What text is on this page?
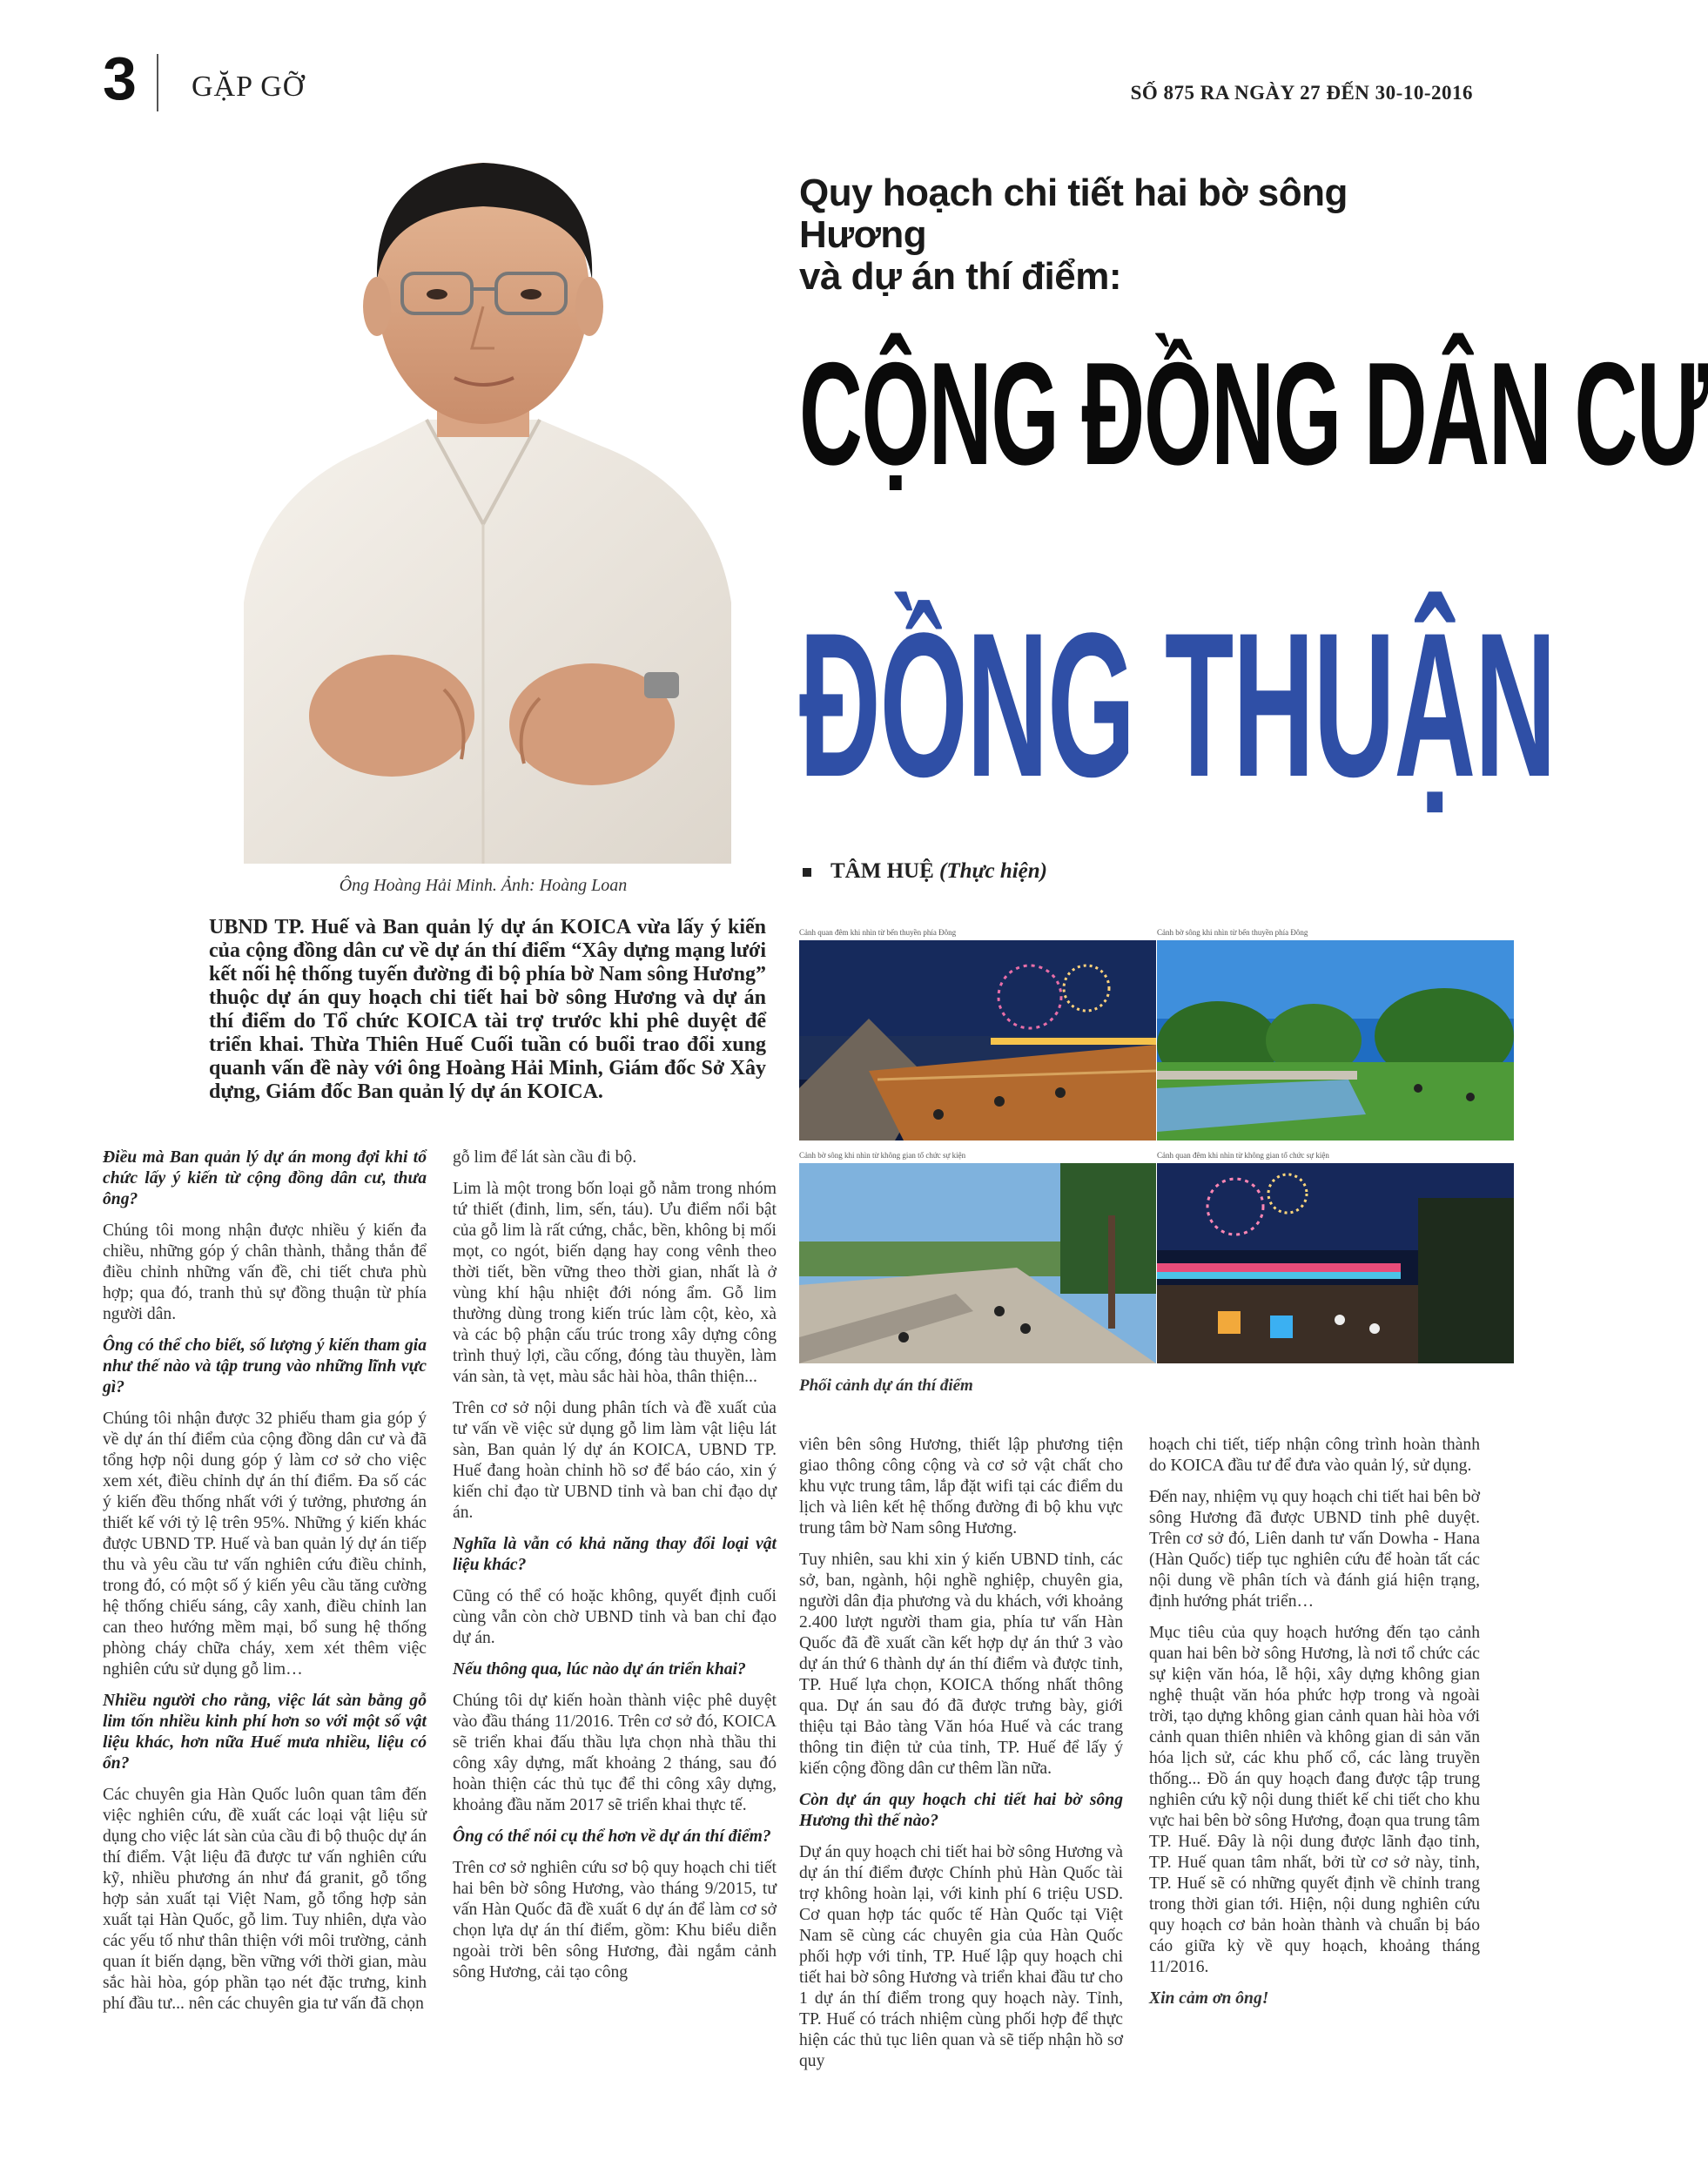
3 GẶP GỠ	SỐ 875 RA NGÀY 27 ĐẾN 30-10-2016
Ông Hoàng Hải Minh. Ảnh: Hoàng Loan
Quy hoạch chi tiết hai bờ sông Hương
và dự án thí điểm:
CỘNG ĐỒNG DÂN CƯ
ĐỒNG THUẬN
TÂM HUỆ (Thực hiện)
UBND TP. Huế và Ban quản lý dự án KOICA vừa lấy ý kiến của cộng đồng dân cư về dự án thí điểm “Xây dựng mạng lưới kết nối hệ thống tuyến đường đi bộ phía bờ Nam sông Hương” thuộc dự án quy hoạch chi tiết hai bờ sông Hương và dự án thí điểm do Tổ chức KOICA tài trợ trước khi phê duyệt để triển khai. Thừa Thiên Huế Cuối tuần có buổi trao đổi xung quanh vấn đề này với ông Hoàng Hải Minh, Giám đốc Sở Xây dựng, Giám đốc Ban quản lý dự án KOICA.
Cảnh quan đêm khi nhìn từ bến thuyền phía Đông	Cảnh bờ sông khi nhìn từ bến thuyền phía Đông
Cảnh bờ sông khi nhìn từ không gian tổ chức sự kiện	Cảnh quan đêm khi nhìn từ không gian tổ chức sự kiện
Phối cảnh dự án thí điểm

Điều mà Ban quản lý dự án mong đợi khi tổ chức lấy ý kiến từ cộng đồng dân cư, thưa ông?

Chúng tôi mong nhận được nhiều ý kiến đa chiều, những góp ý chân thành, thẳng thắn để điều chỉnh những vấn đề, chi tiết chưa phù hợp; qua đó, tranh thủ sự đồng thuận từ phía người dân.

Ông có thể cho biết, số lượng ý kiến tham gia như thế nào và tập trung vào những lĩnh vực gì?

Chúng tôi nhận được 32 phiếu tham gia góp ý về dự án thí điểm của cộng đồng dân cư và đã tổng hợp nội dung góp ý làm cơ sở cho việc xem xét, điều chỉnh dự án thí điểm. Đa số các ý kiến đều thống nhất với ý tưởng, phương án thiết kế với tỷ lệ trên 95%. Những ý kiến khác được UBND TP. Huế và ban quản lý dự án tiếp thu và yêu cầu tư vấn nghiên cứu điều chỉnh, trong đó, có một số ý kiến yêu cầu tăng cường hệ thống chiếu sáng, cây xanh, điều chỉnh lan can theo hướng mềm mại, bổ sung hệ thống phòng cháy chữa cháy, xem xét thêm việc nghiên cứu sử dụng gỗ lim…

Nhiều người cho rằng, việc lát sàn bằng gỗ lim tốn nhiều kinh phí hơn so với một số vật liệu khác, hơn nữa Huế mưa nhiều, liệu có ổn?

Các chuyên gia Hàn Quốc luôn quan tâm đến việc nghiên cứu, đề xuất các loại vật liệu sử dụng cho việc lát sàn của cầu đi bộ thuộc dự án thí điểm. Vật liệu đã được tư vấn nghiên cứu kỹ, nhiều phương án như đá granit, gỗ tổng hợp sản xuất tại Việt Nam, gỗ tổng hợp sản xuất tại Hàn Quốc, gỗ lim. Tuy nhiên, dựa vào các yếu tố như thân thiện với môi trường, cảnh quan ít biến dạng, bền vững với thời gian, màu sắc hài hòa, góp phần tạo nét đặc trưng, kinh phí đầu tư... nên các chuyên gia tư vấn đã chọn

gỗ lim để lát sàn cầu đi bộ.

Lim là một trong bốn loại gỗ nằm trong nhóm tứ thiết (đinh, lim, sến, táu). Ưu điểm nổi bật của gỗ lim là rất cứng, chắc, bền, không bị mối mọt, co ngót, biến dạng hay cong vênh theo thời tiết, bền vững theo thời gian, nhất là ở vùng khí hậu nhiệt đới nóng ẩm. Gỗ lim thường dùng trong kiến trúc làm cột, kèo, xà và các bộ phận cấu trúc trong xây dựng công trình thuỷ lợi, cầu cống, đóng tàu thuyền, làm ván sàn, tà vẹt, màu sắc hài hòa, thân thiện...

Trên cơ sở nội dung phân tích và đề xuất của tư vấn về việc sử dụng gỗ lim làm vật liệu lát sàn, Ban quản lý dự án KOICA, UBND TP. Huế đang hoàn chỉnh hồ sơ để báo cáo, xin ý kiến chỉ đạo từ UBND tỉnh và ban chỉ đạo dự án.

Nghĩa là vẫn có khả năng thay đổi loại vật liệu khác?

Cũng có thể có hoặc không, quyết định cuối cùng vẫn còn chờ UBND tỉnh và ban chỉ đạo dự án.

Nếu thông qua, lúc nào dự án triển khai?

Chúng tôi dự kiến hoàn thành việc phê duyệt vào đầu tháng 11/2016. Trên cơ sở đó, KOICA sẽ triển khai đấu thầu lựa chọn nhà thầu thi công xây dựng, mất khoảng 2 tháng, sau đó hoàn thiện các thủ tục để thi công xây dựng, khoảng đầu năm 2017 sẽ triển khai thực tế.

Ông có thể nói cụ thể hơn về dự án thí điểm?

Trên cơ sở nghiên cứu sơ bộ quy hoạch chi tiết hai bên bờ sông Hương, vào tháng 9/2015, tư vấn Hàn Quốc đã đề xuất 6 dự án để làm cơ sở chọn lựa dự án thí điểm, gồm: Khu biểu diễn ngoài trời bên sông Hương, đài ngắm cảnh sông Hương, cải tạo công

viên bên sông Hương, thiết lập phương tiện giao thông công cộng và cơ sở vật chất cho khu vực trung tâm, lắp đặt wifi tại các điểm du lịch và liên kết hệ thống đường đi bộ khu vực trung tâm bờ Nam sông Hương.

Tuy nhiên, sau khi xin ý kiến UBND tỉnh, các sở, ban, ngành, hội nghề nghiệp, chuyên gia, người dân địa phương và du khách, với khoảng 2.400 lượt người tham gia, phía tư vấn Hàn Quốc đã đề xuất cần kết hợp dự án thứ 3 vào dự án thứ 6 thành dự án thí điểm và được tỉnh, TP. Huế lựa chọn, KOICA thống nhất thông qua. Dự án sau đó đã được trưng bày, giới thiệu tại Bảo tàng Văn hóa Huế và các trang thông tin điện tử của tỉnh, TP. Huế để lấy ý kiến cộng đồng dân cư thêm lần nữa.

Còn dự án quy hoạch chi tiết hai bờ sông Hương thì thế nào?

Dự án quy hoạch chi tiết hai bờ sông Hương và dự án thí điểm được Chính phủ Hàn Quốc tài trợ không hoàn lại, với kinh phí 6 triệu USD. Cơ quan hợp tác quốc tế Hàn Quốc tại Việt Nam sẽ cùng các chuyên gia của Hàn Quốc phối hợp với tỉnh, TP. Huế lập quy hoạch chi tiết hai bờ sông Hương và triển khai đầu tư cho 1 dự án thí điểm trong quy hoạch này. Tỉnh, TP. Huế có trách nhiệm cùng phối hợp để thực hiện các thủ tục liên quan và sẽ tiếp nhận hồ sơ quy

hoạch chi tiết, tiếp nhận công trình hoàn thành do KOICA đầu tư để đưa vào quản lý, sử dụng.

Đến nay, nhiệm vụ quy hoạch chi tiết hai bên bờ sông Hương đã được UBND tỉnh phê duyệt. Trên cơ sở đó, Liên danh tư vấn Dowha - Hana (Hàn Quốc) tiếp tục nghiên cứu để hoàn tất các nội dung về phân tích và đánh giá hiện trạng, định hướng phát triển…

Mục tiêu của quy hoạch hướng đến tạo cảnh quan hai bên bờ sông Hương, là nơi tổ chức các sự kiện văn hóa, lễ hội, xây dựng không gian nghệ thuật văn hóa phức hợp trong và ngoài trời, tạo dựng không gian cảnh quan hài hòa với cảnh quan thiên nhiên và không gian di sản văn hóa lịch sử, các khu phố cổ, các làng truyền thống... Đồ án quy hoạch đang được tập trung nghiên cứu kỹ nội dung thiết kế chi tiết cho khu vực hai bên bờ sông Hương, đoạn qua trung tâm TP. Huế. Đây là nội dung được lãnh đạo tỉnh, TP. Huế quan tâm nhất, bởi từ cơ sở này, tỉnh, TP. Huế sẽ có những quyết định về chỉnh trang trong thời gian tới. Hiện, nội dung nghiên cứu quy hoạch cơ bản hoàn thành và chuẩn bị báo cáo giữa kỳ về quy hoạch, khoảng tháng 11/2016.

Xin cảm ơn ông!
